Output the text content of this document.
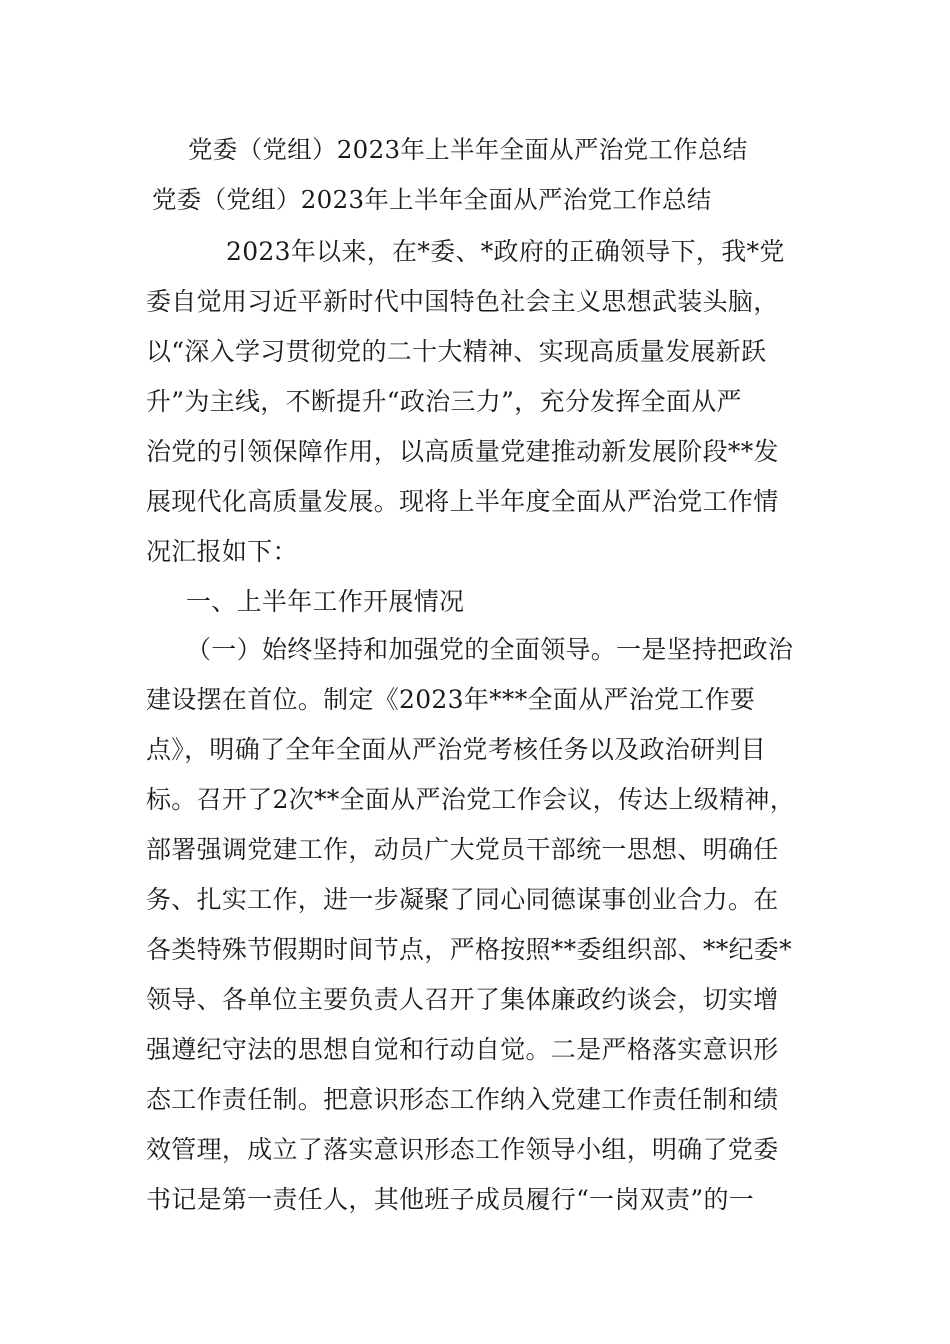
党委（党组）2023年上半年全面从严治党工作总结
党委（党组）2023年上半年全面从严治党工作总结
2023年以来，在*委、*政府的正确领导下，我*党
委自觉用习近平新时代中国特色社会主义思想武装头脑，
以“深入学习贯彻党的二十大精神、实现高质量发展新跃
升”为主线，不断提升“政治三力”，充分发挥全面从严
治党的引领保障作用，以高质量党建推动新发展阶段**发
展现代化高质量发展。现将上半年度全面从严治党工作情
况汇报如下：
一、上半年工作开展情况
（一）始终坚持和加强党的全面领导。一是坚持把政治
建设摆在首位。制定《2023年***全面从严治党工作要
点》，明确了全年全面从严治党考核任务以及政治研判目
标。召开了2次**全面从严治党工作会议，传达上级精神，
部署强调党建工作，动员广大党员干部统一思想、明确任
务、扎实工作，进一步凝聚了同心同德谋事创业合力。在
各类特殊节假期时间节点，严格按照**委组织部、**纪委*
领导、各单位主要负责人召开了集体廉政约谈会，切实增
强遵纪守法的思想自觉和行动自觉。二是严格落实意识形
态工作责任制。把意识形态工作纳入党建工作责任制和绩
效管理，成立了落实意识形态工作领导小组，明确了党委
书记是第一责任人，其他班子成员履行“一岗双责”的一
